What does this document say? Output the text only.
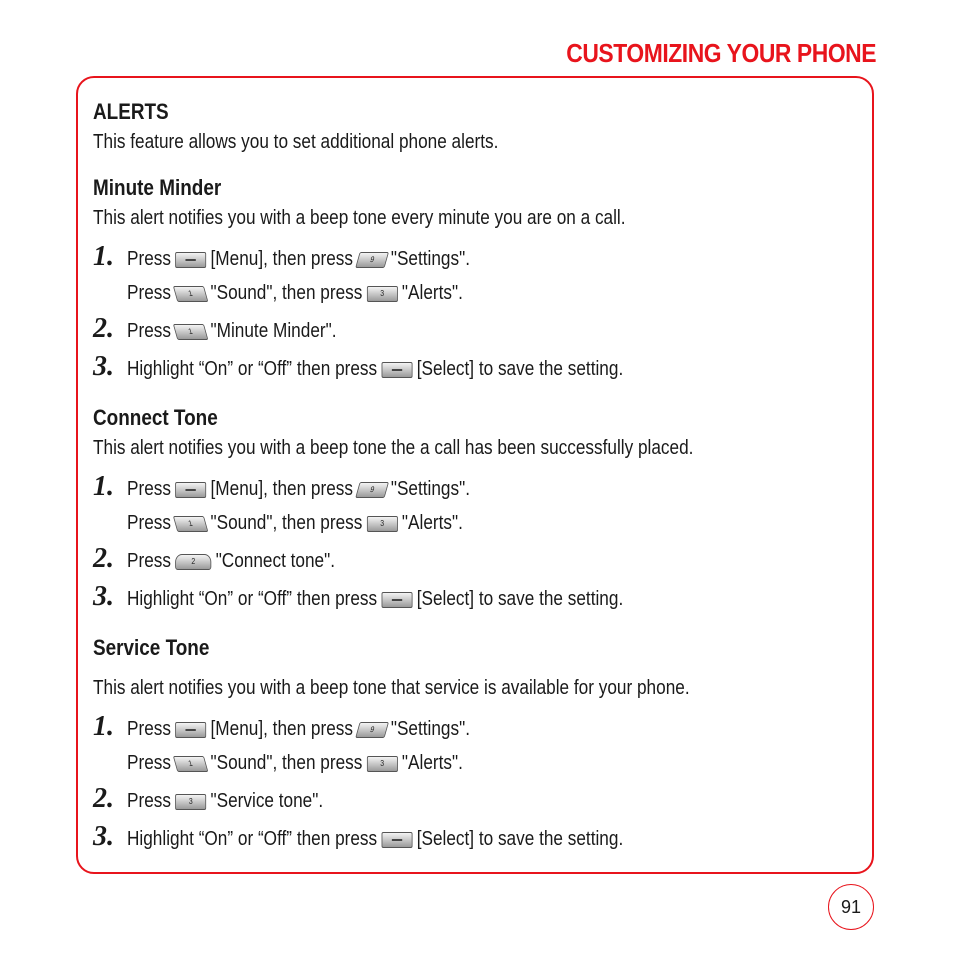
CUSTOMIZING YOUR PHONE
ALERTS
This feature allows you to set additional phone alerts.
Minute Minder
This alert notifies you with a beep tone every minute you are on a call.
1. Press [Menu], then press 9 "Settings".
Press 1 "Sound", then press 3 "Alerts".
2. Press 1 "Minute Minder".
3. Highlight “On” or “Off” then press [Select] to save the setting.
Connect Tone
This alert notifies you with a beep tone the a call has been successfully placed.
1. Press [Menu], then press 9 "Settings".
Press 1 "Sound", then press 3 "Alerts".
2. Press	2 "Connect tone".
3. Highlight “On” or “Off” then press [Select] to save the setting.
Service Tone
This alert notifies you with a beep tone that service is available for your phone.
1. Press [Menu], then press 9 "Settings".
Press 1 "Sound", then press 3 "Alerts".
2. Press 3 "Service tone".
3. Highlight “On” or “Off” then press [Select] to save the setting.
91
